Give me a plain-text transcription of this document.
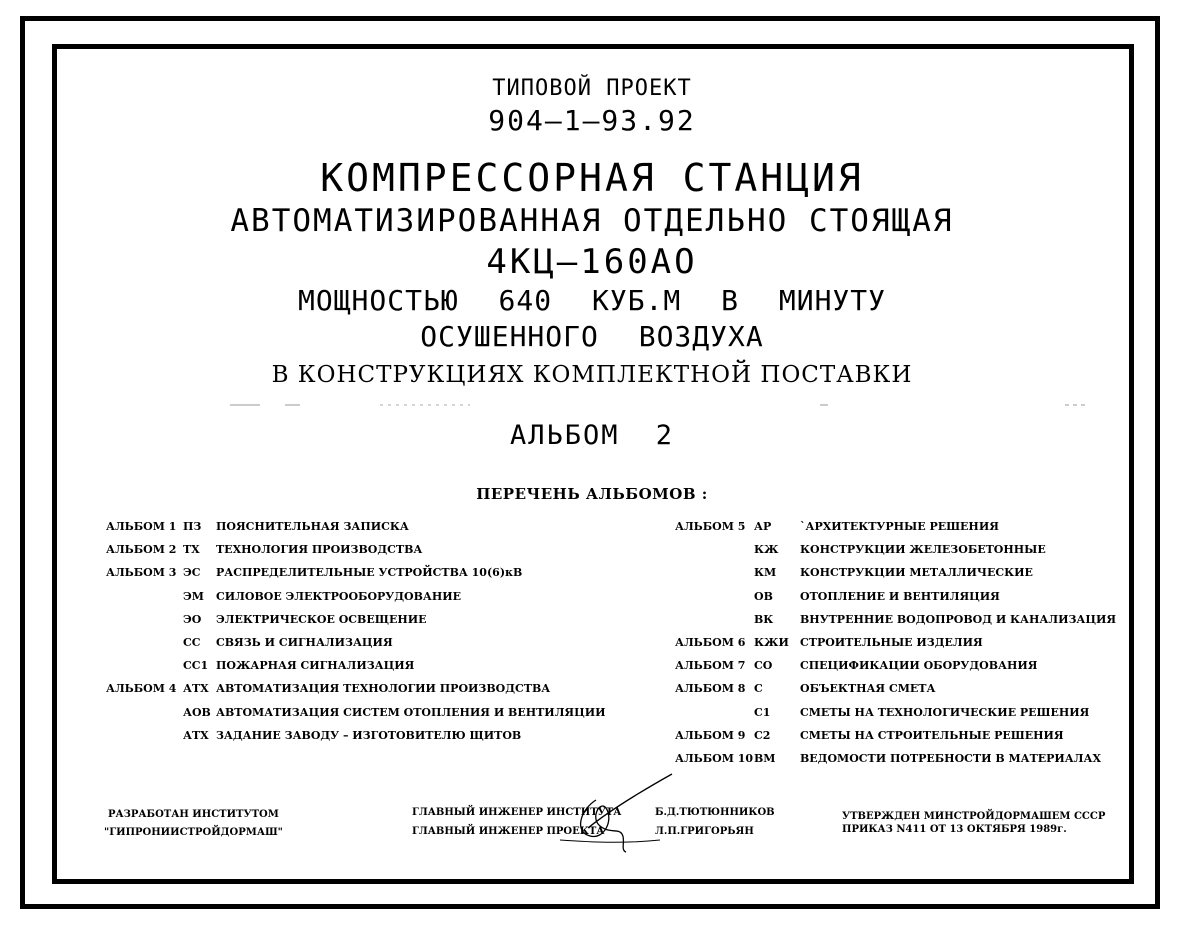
ТИПОВОЙ ПРОЕКТ
904—1—93.92
КОМПРЕССОРНАЯ СТАНЦИЯ
АВТОМАТИЗИРОВАННАЯ ОТДЕЛЬНО СТОЯЩАЯ
4КЦ—160АО
МОЩНОСТЬЮ 640 КУБ.М В МИНУТУ
ОСУШЕННОГО ВОЗДУХА
В КОНСТРУКЦИЯХ КОМПЛЕКТНОЙ ПОСТАВКИ
АЛЬБОМ 2
ПЕРЕЧЕНЬ АЛЬБОМОВ :
АЛЬБОМ 1 ПЗ ПОЯСНИТЕЛЬНАЯ ЗАПИСКА
АЛЬБОМ 2 ТХ ТЕХНОЛОГИЯ ПРОИЗВОДСТВА
АЛЬБОМ 3 ЭС РАСПРЕДЕЛИТЕЛЬНЫЕ УСТРОЙСТВА 10(6)кВ
ЭМ СИЛОВОЕ ЭЛЕКТРООБОРУДОВАНИЕ
ЭО ЭЛЕКТРИЧЕСКОЕ ОСВЕЩЕНИЕ
СС СВЯЗЬ И СИГНАЛИЗАЦИЯ
СС1 ПОЖАРНАЯ СИГНАЛИЗАЦИЯ
АЛЬБОМ 4 АТХ АВТОМАТИЗАЦИЯ ТЕХНОЛОГИИ ПРОИЗВОДСТВА
АОВ АВТОМАТИЗАЦИЯ СИСТЕМ ОТОПЛЕНИЯ И ВЕНТИЛЯЦИИ
АТХ ЗАДАНИЕ ЗАВОДУ – ИЗГОТОВИТЕЛЮ ЩИТОВ
АЛЬБОМ 5 АР	`АРХИТЕКТУРНЫЕ РЕШЕНИЯ
КЖ КОНСТРУКЦИИ ЖЕЛЕЗОБЕТОННЫЕ
КМ КОНСТРУКЦИИ МЕТАЛЛИЧЕСКИЕ
ОВ ОТОПЛЕНИЕ И ВЕНТИЛЯЦИЯ
ВК ВНУТРЕННИЕ ВОДОПРОВОД И КАНАЛИЗАЦИЯ
АЛЬБОМ 6 КЖИ СТРОИТЕЛЬНЫЕ ИЗДЕЛИЯ
АЛЬБОМ 7 СО	СПЕЦИФИКАЦИИ ОБОРУДОВАНИЯ
АЛЬБОМ 8 С	ОБЪЕКТНАЯ СМЕТА
С1	СМЕТЫ НА ТЕХНОЛОГИЧЕСКИЕ РЕШЕНИЯ
АЛЬБОМ 9 С2	СМЕТЫ НА СТРОИТЕЛЬНЫЕ РЕШЕНИЯ
АЛЬБОМ 10 ВМ ВЕДОМОСТИ ПОТРЕБНОСТИ В МАТЕРИАЛАХ
РАЗРАБОТАН ИНСТИТУТОМ
"ГИПРОНИИСТРОЙДОРМАШ"
ГЛАВНЫЙ ИНЖЕНЕР ИНСТИТУТА
ГЛАВНЫЙ ИНЖЕНЕР ПРОЕКТА
Б.Д.ТЮТЮННИКОВ
Л.П.ГРИГОРЬЯН
УТВЕРЖДЕН МИНСТРОЙДОРМАШЕМ СССР
ПРИКАЗ N411 ОТ 13 ОКТЯБРЯ 1989г.
